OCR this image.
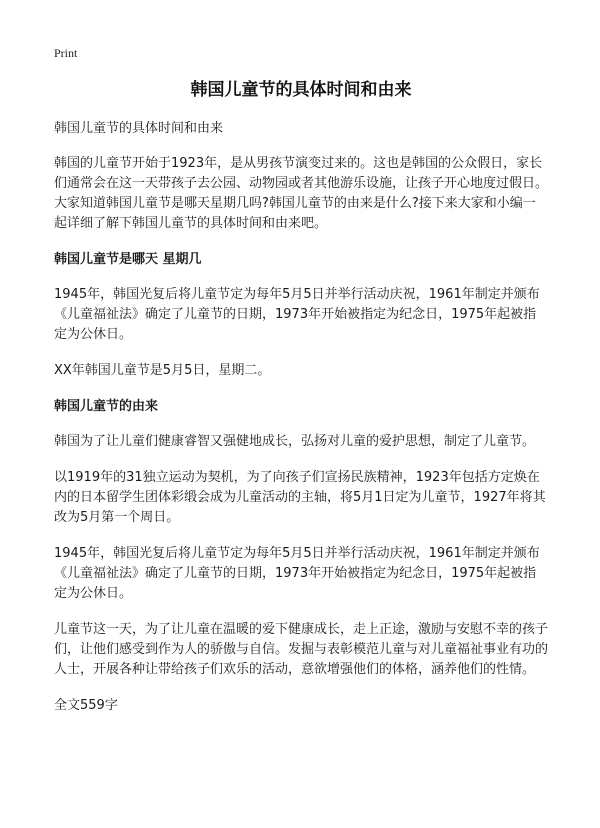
Print
韩国儿童节的具体时间和由来

韩国儿童节的具体时间和由来

韩国的儿童节开始于1923年，是从男孩节演变过来的。这也是韩国的公众假日，家长们通常会在这一天带孩子去公园、动物园或者其他游乐设施，让孩子开心地度过假日。大家知道韩国儿童节是哪天星期几吗?韩国儿童节的由来是什么?接下来大家和小编一起详细了解下韩国儿童节的具体时间和由来吧。

韩国儿童节是哪天 星期几

1945年，韩国光复后将儿童节定为每年5月5日并举行活动庆祝，1961年制定并颁布《儿童福祉法》确定了儿童节的日期，1973年开始被指定为纪念日，1975年起被指定为公休日。

XX年韩国儿童节是5月5日，星期二。

韩国儿童节的由来

韩国为了让儿童们健康睿智又强健地成长，弘扬对儿童的爱护思想，制定了儿童节。

以1919年的31独立运动为契机，为了向孩子们宣扬民族精神，1923年包括方定焕在内的日本留学生团体彩缎会成为儿童活动的主轴，将5月1日定为儿童节，1927年将其改为5月第一个周日。

1945年，韩国光复后将儿童节定为每年5月5日并举行活动庆祝，1961年制定并颁布《儿童福祉法》确定了儿童节的日期，1973年开始被指定为纪念日，1975年起被指定为公休日。

儿童节这一天，为了让儿童在温暖的爱下健康成长，走上正途，激励与安慰不幸的孩子们，让他们感受到作为人的骄傲与自信。发掘与表彰模范儿童与对儿童福祉事业有功的人士，开展各种让带给孩子们欢乐的活动，意欲增强他们的体格，涵养他们的性情。

全文559字
